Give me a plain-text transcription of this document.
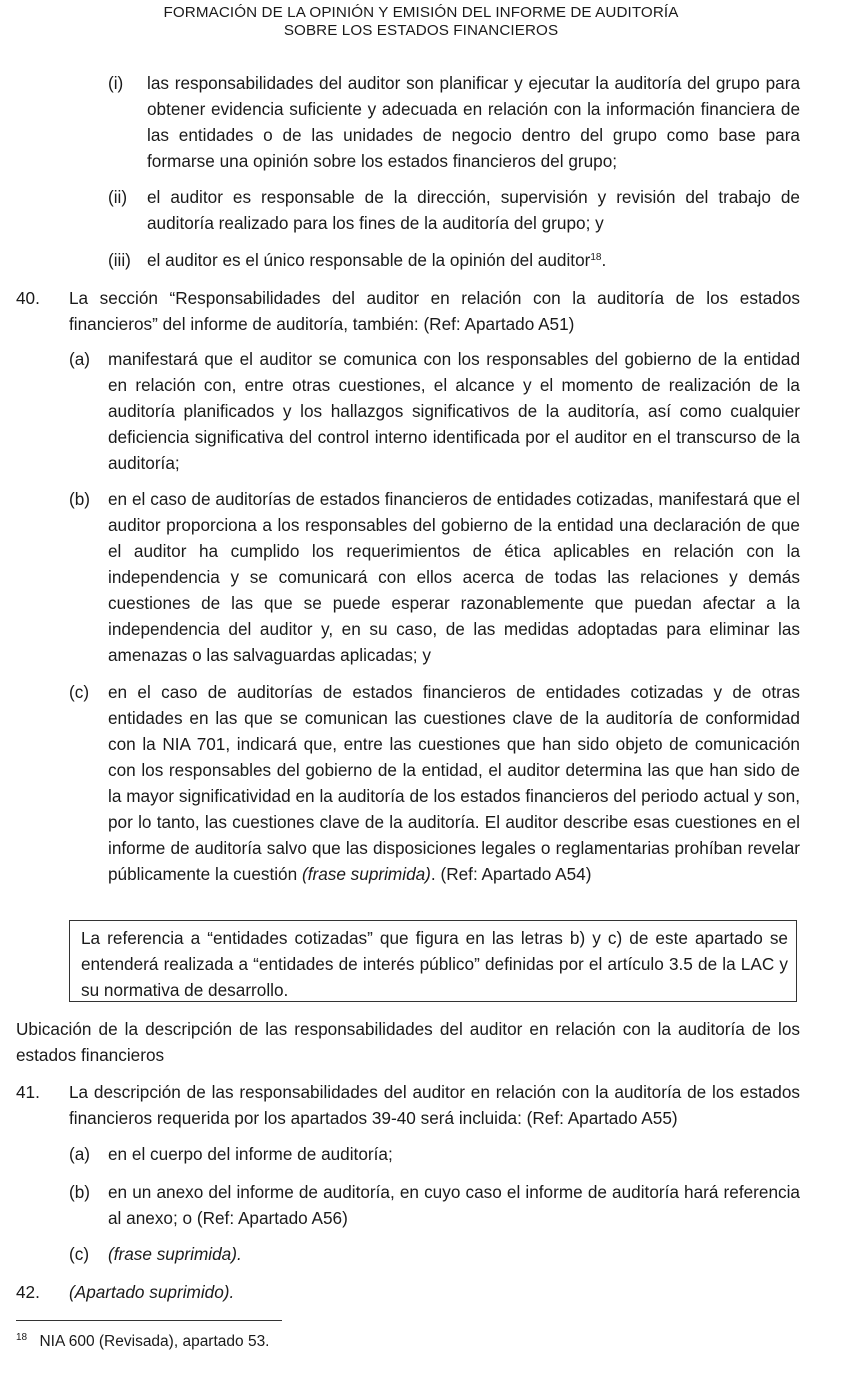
FORMACIÓN DE LA OPINIÓN Y EMISIÓN DEL INFORME DE AUDITORÍA
SOBRE LOS ESTADOS FINANCIEROS
(i) las responsabilidades del auditor son planificar y ejecutar la auditoría del grupo para obtener evidencia suficiente y adecuada en relación con la información financiera de las entidades o de las unidades de negocio dentro del grupo como base para formarse una opinión sobre los estados financieros del grupo;
(ii) el auditor es responsable de la dirección, supervisión y revisión del trabajo de auditoría realizado para los fines de la auditoría del grupo; y
(iii) el auditor es el único responsable de la opinión del auditor$^{18}$.
40. La sección “Responsabilidades del auditor en relación con la auditoría de los estados financieros” del informe de auditoría, también: (Ref: Apartado A51)
(a) manifestará que el auditor se comunica con los responsables del gobierno de la entidad en relación con, entre otras cuestiones, el alcance y el momento de realización de la auditoría planificados y los hallazgos significativos de la auditoría, así como cualquier deficiencia significativa del control interno identificada por el auditor en el transcurso de la auditoría;
(b) en el caso de auditorías de estados financieros de entidades cotizadas, manifestará que el auditor proporciona a los responsables del gobierno de la entidad una declaración de que el auditor ha cumplido los requerimientos de ética aplicables en relación con la independencia y se comunicará con ellos acerca de todas las relaciones y demás cuestiones de las que se puede esperar razonablemente que puedan afectar a la independencia del auditor y, en su caso, de las medidas adoptadas para eliminar las amenazas o las salvaguardas aplicadas; y
(c) en el caso de auditorías de estados financieros de entidades cotizadas y de otras entidades en las que se comunican las cuestiones clave de la auditoría de conformidad con la NIA 701, indicará que, entre las cuestiones que han sido objeto de comunicación con los responsables del gobierno de la entidad, el auditor determina las que han sido de la mayor significatividad en la auditoría de los estados financieros del periodo actual y son, por lo tanto, las cuestiones clave de la auditoría. El auditor describe esas cuestiones en el informe de auditoría salvo que las disposiciones legales o reglamentarias prohíban revelar públicamente la cuestión (frase suprimida). (Ref: Apartado A54)
La referencia a “entidades cotizadas” que figura en las letras b) y c) de este apartado se entenderá realizada a “entidades de interés público” definidas por el artículo 3.5 de la LAC y su normativa de desarrollo.
Ubicación de la descripción de las responsabilidades del auditor en relación con la auditoría de los estados financieros
41. La descripción de las responsabilidades del auditor en relación con la auditoría de los estados financieros requerida por los apartados 39-40 será incluida: (Ref: Apartado A55)
(a) en el cuerpo del informe de auditoría;
(b) en un anexo del informe de auditoría, en cuyo caso el informe de auditoría hará referencia al anexo; o (Ref: Apartado A56)
(c) (frase suprimida).
42. (Apartado suprimido).
$^{18}$ NIA 600 (Revisada), apartado 53.
